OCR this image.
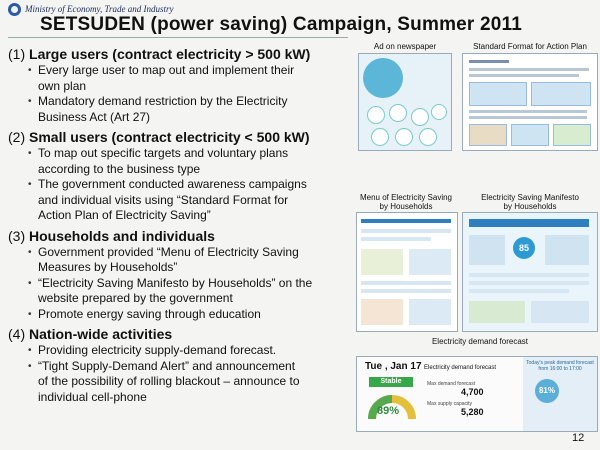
Ministry of Economy, Trade and Industry
SETSUDEN (power saving) Campaign, Summer 2011
(1) Large users (contract electricity > 500 kW)
• Every large user to map out and implement their
own plan
• Mandatory demand restriction by the Electricity
Business Act (Art 27)
(2) Small users (contract electricity < 500 kW)
• To map out specific targets and voluntary plans
according to the business type
• The government conducted awareness campaigns
and individual visits using “Standard Format for
Action Plan of Electricity Saving”
(3) Households and individuals
• Government provided “Menu of Electricity Saving
Measures by Households”
• “Electricity Saving Manifesto by Households” on the
website prepared by the government
• Promote energy saving through education
(4) Nation-wide activities
• Providing electricity supply-demand forecast.
• “Tight Supply-Demand Alert” and announcement
of the possibility of rolling blackout – announce to
individual cell-phone
Ad on newspaper	Standard Format for Action Plan

Menu of Electricity Saving
by Households
Electricity Saving Manifesto
by Households
85
Electricity demand forecast
Tue , Jan 17 Electricity demand forecast
Stable
89%
Max demand forecast
4,700
Max supply capacity
5,280
Today's peak demand forecast from 16:00 to 17:00
81%
12
